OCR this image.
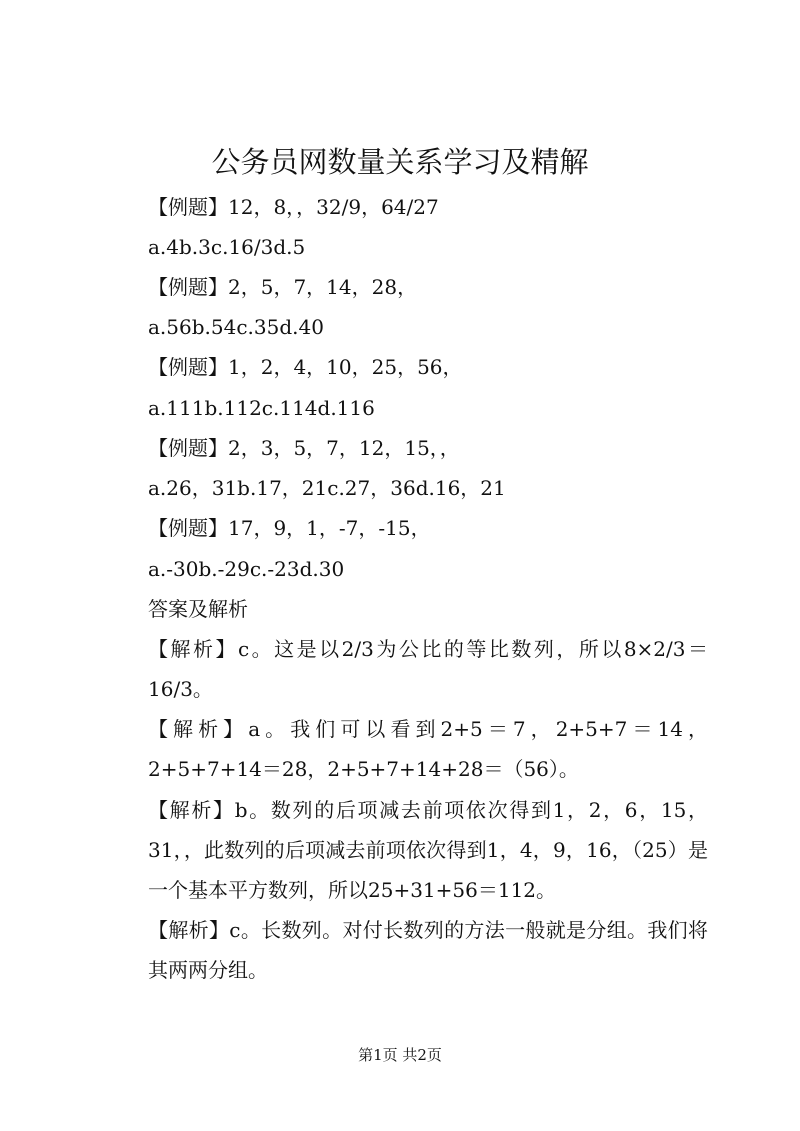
公务员网数量关系学习及精解
【例题】12，8，，32/9，64/27
a.4b.3c.16/3d.5
【例题】2，5，7，14，28，
a.56b.54c.35d.40
【例题】1，2，4，10，25，56，
a.111b.112c.114d.116
【例题】2，3，5，7，12，15，，
a.26，31b.17，21c.27，36d.16，21
【例题】17，9，1，-7，-15，
a.-30b.-29c.-23d.30
答案及解析
【解析】c。这是以2/3为公比的等比数列，所以8×2/3＝16/3。
【解析】a。我们可以看到2+5＝7，2+5+7＝14，2+5+7+14＝28，2+5+7+14+28＝（56）。
【解析】b。数列的后项减去前项依次得到1，2，6，15，31，，此数列的后项减去前项依次得到1，4，9，16，（25）是一个基本平方数列，所以25+31+56＝112。
【解析】c。长数列。对付长数列的方法一般就是分组。我们将其两两分组。
第1页 共2页
